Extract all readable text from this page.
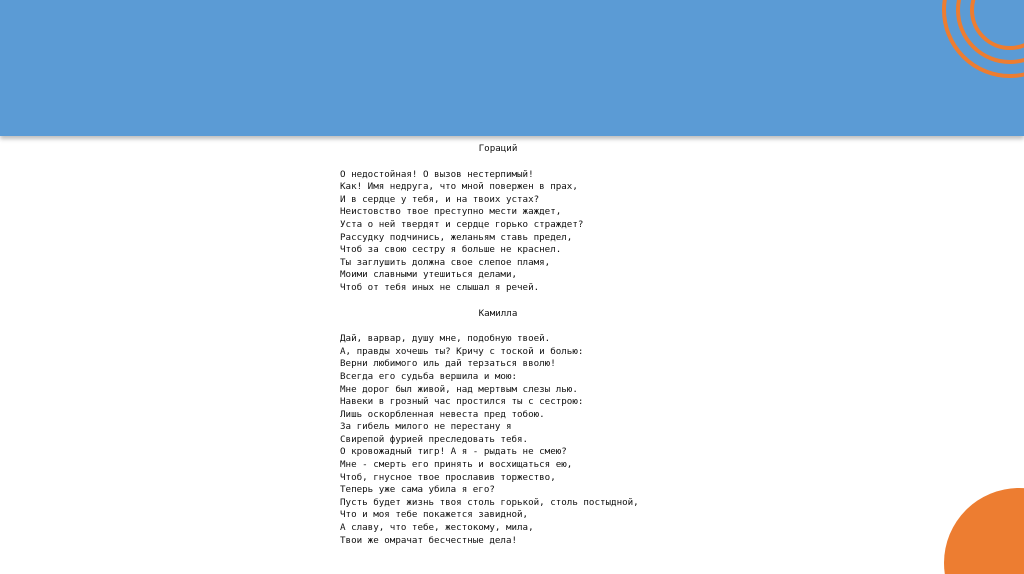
Гораций
О недостойная! О вызов нестерпимый!
Как! Имя недруга, что мной повержен в прах,
И в сердце у тебя, и на твоих устах?
Неистовство твое преступно мести жаждет,
Уста о ней твердят и сердце горько страждет?
Рассудку подчинись, желаньям ставь предел,
Чтоб за свою сестру я больше не краснел.
Ты заглушить должна свое слепое пламя,
Моими славными утешиться делами,
Чтоб от тебя иных не слышал я речей.
Камилла
Дай, варвар, душу мне, подобную твоей.
А, правды хочешь ты? Кричу с тоской и болью:
Верни любимого иль дай терзаться вволю!
Всегда его судьба вершила и мою:
Мне дорог был живой, над мертвым слезы лью.
Навеки в грозный час простился ты с сестрою:
Лишь оскорбленная невеста пред тобою.
За гибель милого не перестану я
Свирепой фурией преследовать тебя.
О кровожадный тигр! А я - рыдать не смею?
Мне - смерть его принять и восхищаться ею,
Чтоб, гнусное твое прославив торжество,
Теперь уже сама убила я его?
Пусть будет жизнь твоя столь горькой, столь постыдной,
Что и моя тебе покажется завидной,
А славу, что тебе, жестокому, мила,
Твои же омрачат бесчестные дела!
